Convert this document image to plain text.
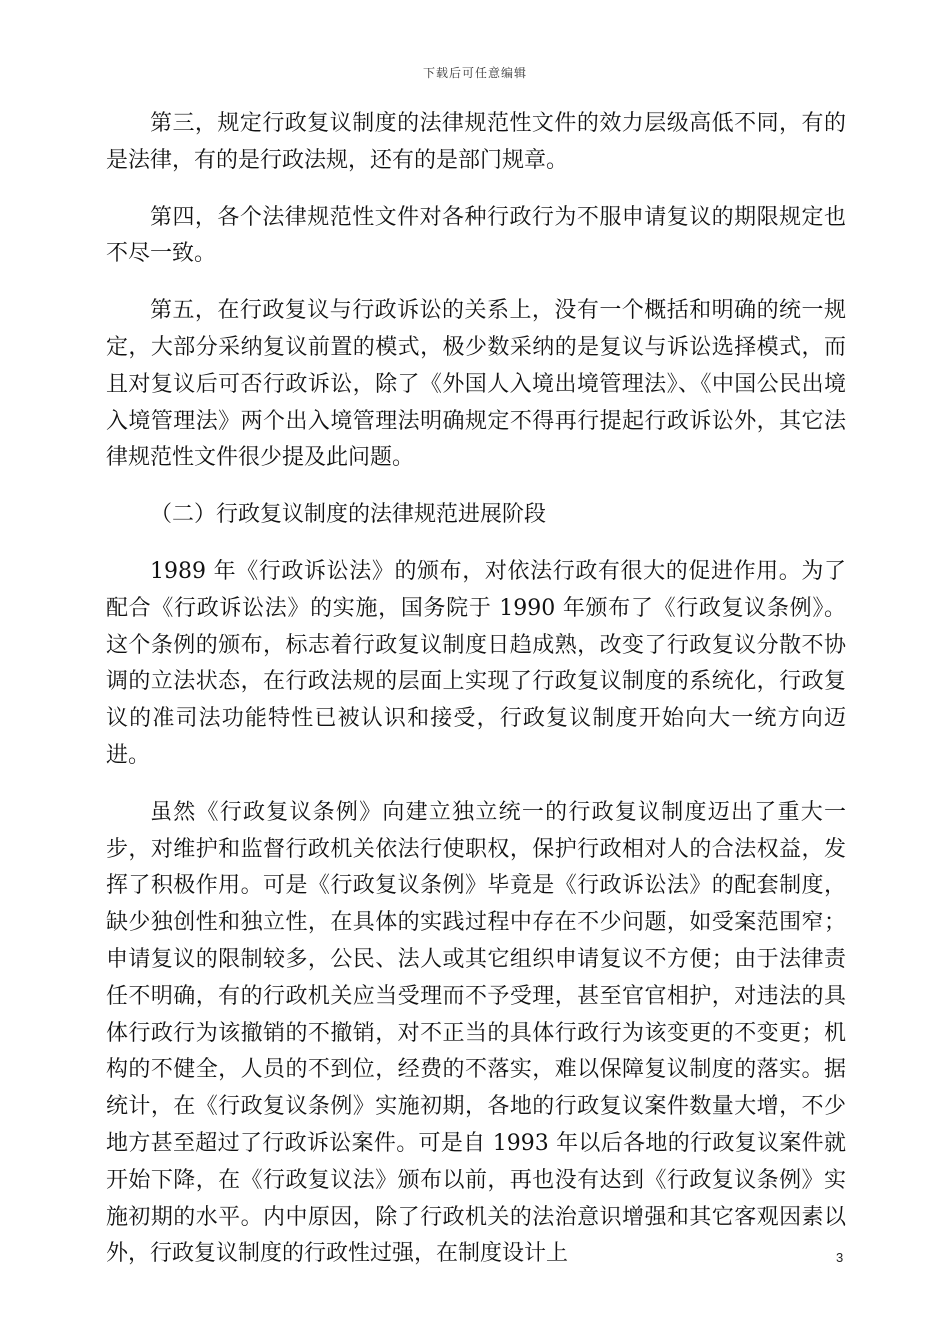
下载后可任意编辑

第三，规定行政复议制度的法律规范性文件的效力层级高低不同，有的是法律，有的是行政法规，还有的是部门规章。

第四，各个法律规范性文件对各种行政行为不服申请复议的期限规定也不尽一致。

第五，在行政复议与行政诉讼的关系上，没有一个概括和明确的统一规定，大部分采纳复议前置的模式，极少数采纳的是复议与诉讼选择模式，而且对复议后可否行政诉讼，除了《外国人入境出境管理法》、《中国公民出境入境管理法》两个出入境管理法明确规定不得再行提起行政诉讼外，其它法律规范性文件很少提及此问题。

（二）行政复议制度的法律规范进展阶段

1989 年《行政诉讼法》的颁布，对依法行政有很大的促进作用。为了配合《行政诉讼法》的实施，国务院于 1990 年颁布了《行政复议条例》。这个条例的颁布，标志着行政复议制度日趋成熟，改变了行政复议分散不协调的立法状态，在行政法规的层面上实现了行政复议制度的系统化，行政复议的准司法功能特性已被认识和接受，行政复议制度开始向大一统方向迈进。

虽然《行政复议条例》向建立独立统一的行政复议制度迈出了重大一步，对维护和监督行政机关依法行使职权，保护行政相对人的合法权益，发挥了积极作用。可是《行政复议条例》毕竟是《行政诉讼法》的配套制度，缺少独创性和独立性，在具体的实践过程中存在不少问题，如受案范围窄；申请复议的限制较多，公民、法人或其它组织申请复议不方便；由于法律责任不明确，有的行政机关应当受理而不予受理，甚至官官相护，对违法的具体行政行为该撤销的不撤销，对不正当的具体行政行为该变更的不变更；机构的不健全，人员的不到位，经费的不落实，难以保障复议制度的落实。据统计，在《行政复议条例》实施初期，各地的行政复议案件数量大增，不少地方甚至超过了行政诉讼案件。可是自 1993 年以后各地的行政复议案件就开始下降，在《行政复议法》颁布以前，再也没有达到《行政复议条例》实施初期的水平。内中原因，除了行政机关的法治意识增强和其它客观因素以外，行政复议制度的行政性过强，在制度设计上	3
